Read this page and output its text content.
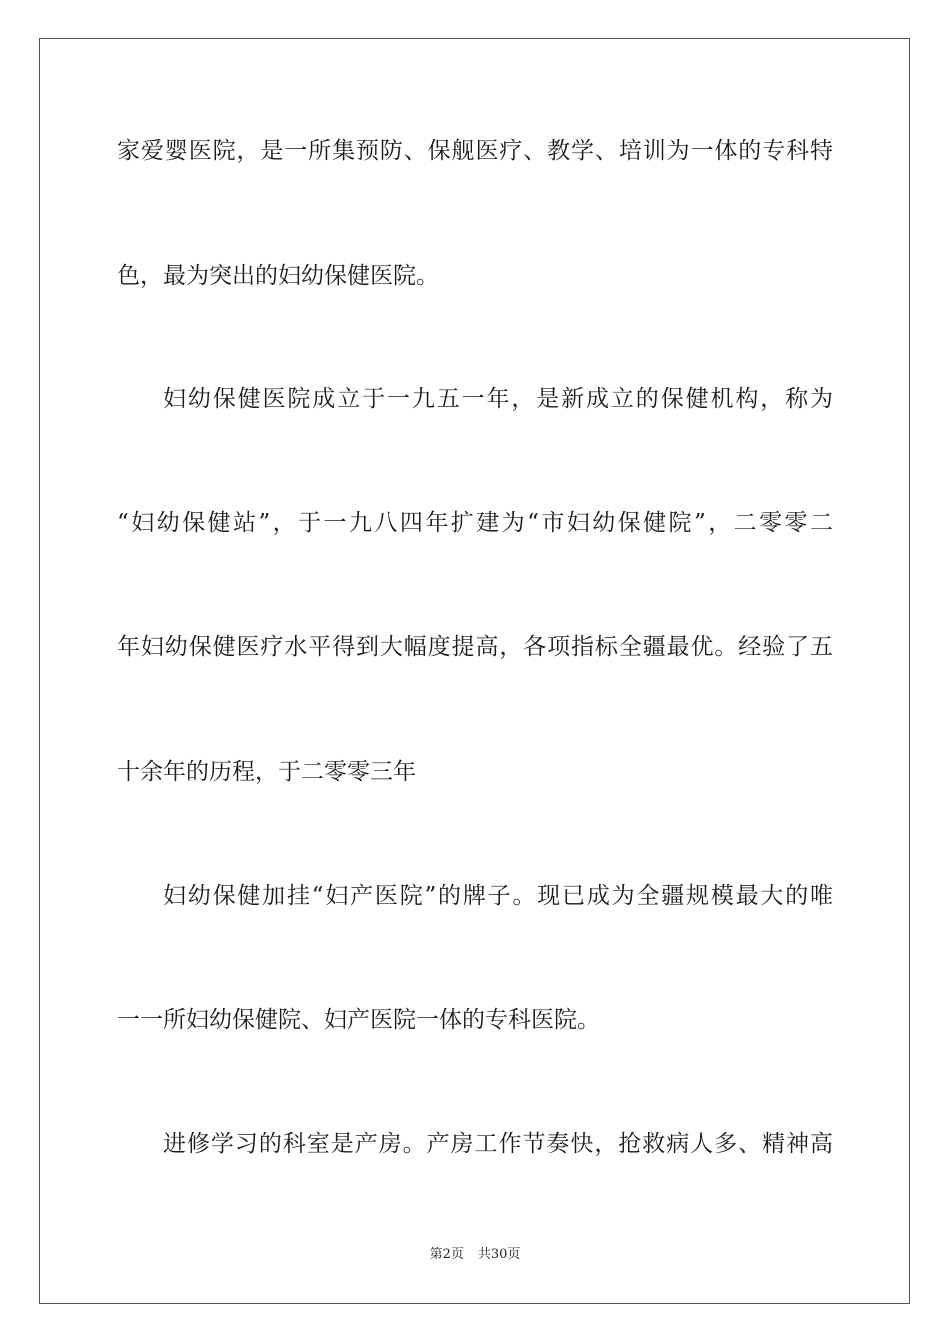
家爱婴医院，是一所集预防、保舰医疗、教学、培训为一体的专科特
色，最为突出的妇幼保健医院。
妇幼保健医院成立于一九五一年，是新成立的保健机构，称为
“妇幼保健站”，于一九八四年扩建为“市妇幼保健院”，二零零二
年妇幼保健医疗水平得到大幅度提高，各项指标全疆最优。经验了五
十余年的历程，于二零零三年
妇幼保健加挂“妇产医院”的牌子。现已成为全疆规模最大的唯
一一所妇幼保健院、妇产医院一体的专科医院。
进修学习的科室是产房。产房工作节奏快，抢救病人多、精神高
第2页 共30页
